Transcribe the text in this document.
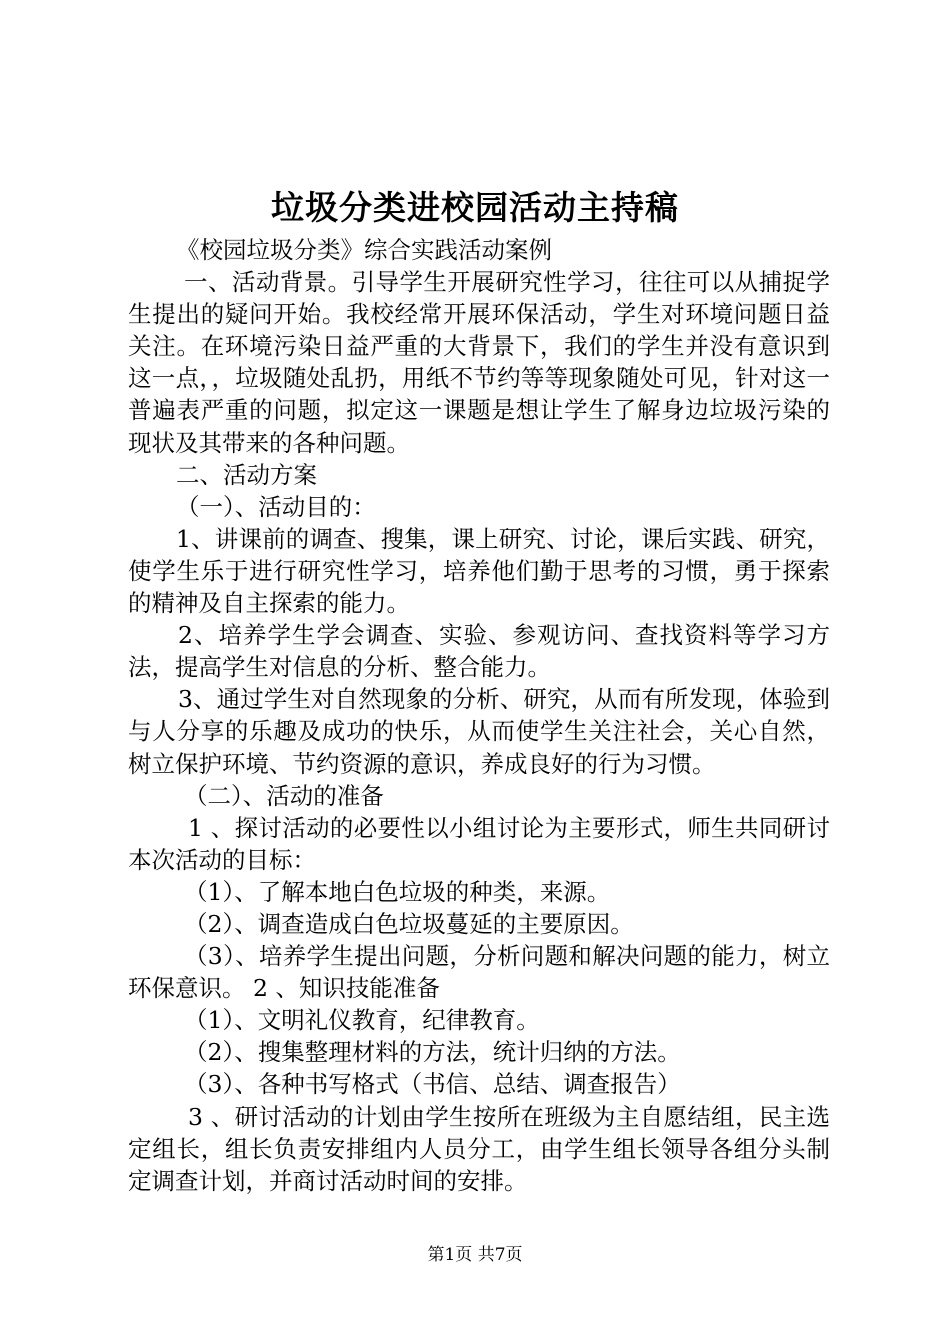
垃圾分类进校园活动主持稿

《校园垃圾分类》综合实践活动案例

一、活动背景。引导学生开展研究性学习，往往可以从捕捉学生提出的疑问开始。我校经常开展环保活动，学生对环境问题日益关注。在环境污染日益严重的大背景下，我们的学生并没有意识到这一点，，垃圾随处乱扔，用纸不节约等等现象随处可见，针对这一普遍表严重的问题，拟定这一课题是想让学生了解身边垃圾污染的现状及其带来的各种问题。

二、活动方案

（一）、活动目的：

1、讲课前的调查、搜集，课上研究、讨论，课后实践、研究，使学生乐于进行研究性学习，培养他们勤于思考的习惯，勇于探索的精神及自主探索的能力。

2、培养学生学会调查、实验、参观访问、查找资料等学习方法，提高学生对信息的分析、整合能力。

3、通过学生对自然现象的分析、研究，从而有所发现，体验到与人分享的乐趣及成功的快乐，从而使学生关注社会，关心自然，树立保护环境、节约资源的意识，养成良好的行为习惯。

（二）、活动的准备

1 、探讨活动的必要性以小组讨论为主要形式，师生共同研讨本次活动的目标：

（1）、了解本地白色垃圾的种类，来源。

（2）、调查造成白色垃圾蔓延的主要原因。

（3）、培养学生提出问题，分析问题和解决问题的能力，树立环保意识。 2 、知识技能准备

（1）、文明礼仪教育，纪律教育。

（2）、搜集整理材料的方法，统计归纳的方法。

（3）、各种书写格式（书信、总结、调查报告）

3 、研讨活动的计划由学生按所在班级为主自愿结组，民主选定组长，组长负责安排组内人员分工，由学生组长领导各组分头制定调查计划，并商讨活动时间的安排。

第1页 共7页
